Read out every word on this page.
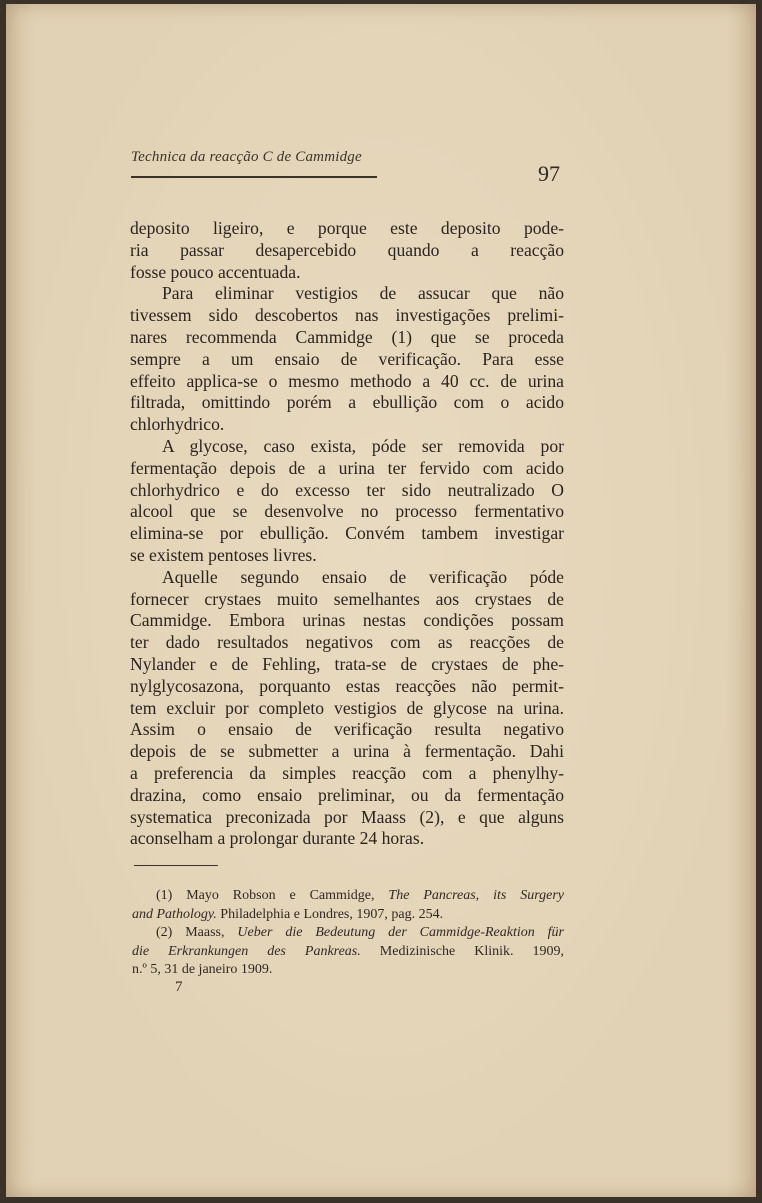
Technica da reacção C de Cammidge
97
deposito ligeiro, e porque este deposito pode-
ria passar desapercebido quando a reacção
fosse pouco accentuada.
Para eliminar vestigios de assucar que não
tivessem sido descobertos nas investigações prelimi-
nares recommenda Cammidge (1) que se proceda
sempre a um ensaio de verificação. Para esse
effeito applica-se o mesmo methodo a 40 cc. de urina
filtrada, omittindo porém a ebullição com o acido
chlorhydrico.
A glycose, caso exista, póde ser removida por
fermentação depois de a urina ter fervido com acido
chlorhydrico e do excesso ter sido neutralizado O
alcool que se desenvolve no processo fermentativo
elimina-se por ebullição. Convém tambem investigar
se existem pentoses livres.
Aquelle segundo ensaio de verificação póde
fornecer crystaes muito semelhantes aos crystaes de
Cammidge. Embora urinas nestas condições possam
ter dado resultados negativos com as reacções de
Nylander e de Fehling, trata-se de crystaes de phe-
nylglycosazona, porquanto estas reacções não permit-
tem excluir por completo vestigios de glycose na urina.
Assim o ensaio de verificação resulta negativo
depois de se submetter a urina à fermentação. Dahi
a preferencia da simples reacção com a phenylhy-
drazina, como ensaio preliminar, ou da fermentação
systematica preconizada por Maass (2), e que alguns
aconselham a prolongar durante 24 horas.
(1) Mayo Robson e Cammidge, The Pancreas, its Surgery
and Pathology. Philadelphia e Londres, 1907, pag. 254.
(2) Maass, Ueber die Bedeutung der Cammidge-Reaktion für
die Erkrankungen des Pankreas. Medizinische Klinik. 1909,
n.º 5, 31 de janeiro 1909.
7
